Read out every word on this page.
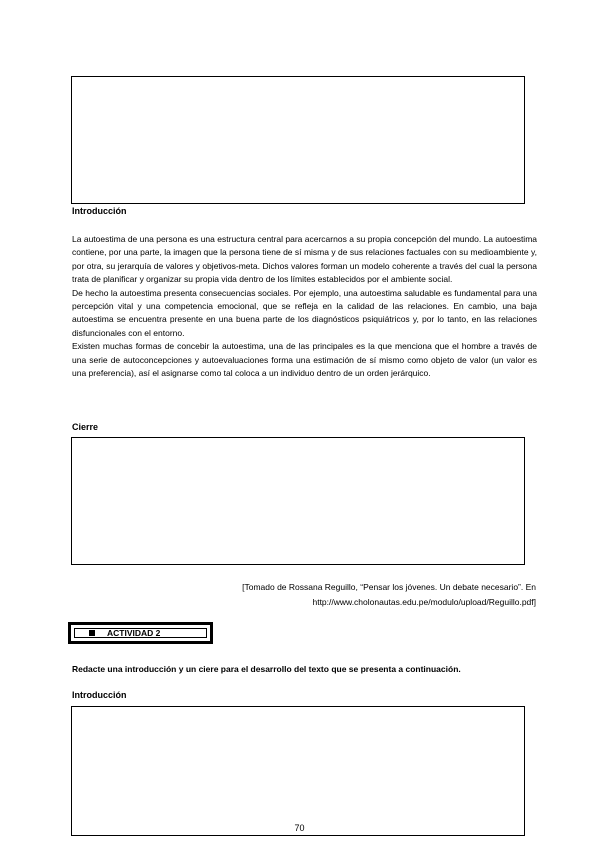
Introducción

La autoestima de una persona es una estructura central para acercarnos a su propia concepción del mundo. La autoestima contiene, por una parte, la imagen que la persona tiene de sí misma y de sus relaciones factuales con su medioambiente y, por otra, su jerarquía de valores y objetivos-meta. Dichos valores forman un modelo coherente a través del cual la persona trata de planificar y organizar su propia vida dentro de los límites establecidos por el ambiente social.

De hecho la autoestima presenta consecuencias sociales. Por ejemplo, una autoestima saludable es fundamental para una percepción vital y una competencia emocional, que se refleja en la calidad de las relaciones. En cambio, una baja autoestima se encuentra presente en una buena parte de los diagnósticos psiquiátricos y, por lo tanto, en las relaciones disfuncionales con el entorno.

Existen muchas formas de concebir la autoestima, una de las principales es la que menciona que el hombre a través de una serie de autoconcepciones y autoevaluaciones forma una estimación de sí mismo como objeto de valor (un valor es una preferencia), así el asignarse como tal coloca a un individuo dentro de un orden jerárquico.

Cierre
[Tomado de Rossana Reguillo, “Pensar los jóvenes. Un debate necesario”. En
http://www.cholonautas.edu.pe/modulo/upload/Reguillo.pdf]
ACTIVIDAD 2
Redacte una introducción y un ciere para el desarrollo del texto que se presenta a continuación.
Introducción
70
